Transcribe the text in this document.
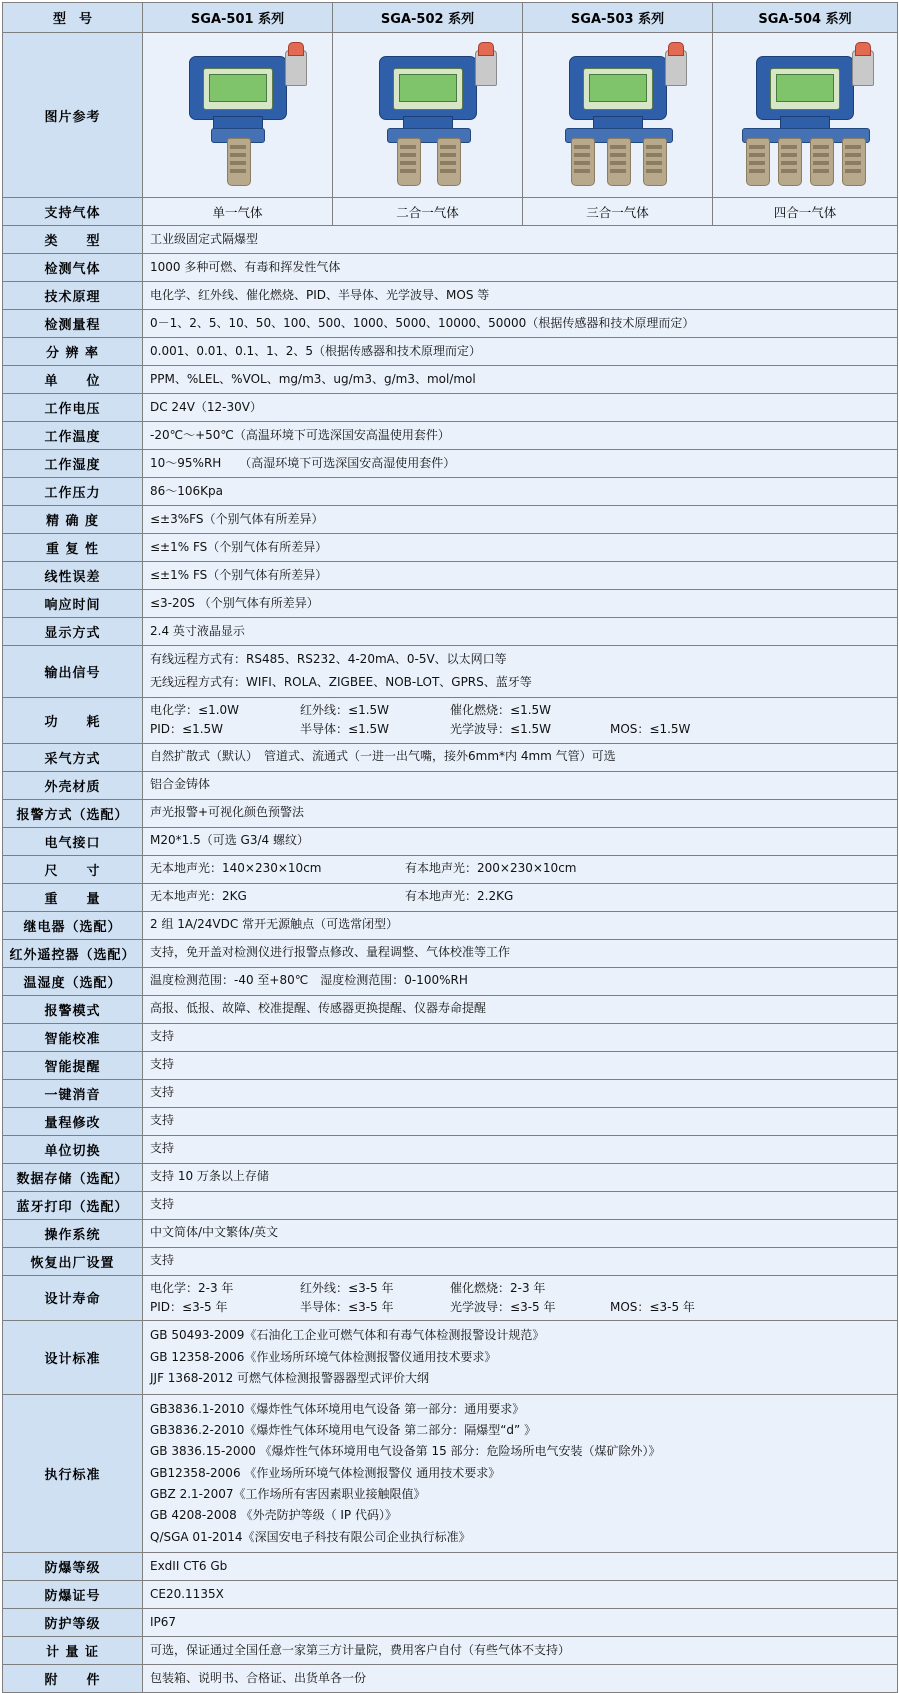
型　号	SGA-501 系列	SGA-502 系列	SGA-503 系列	SGA-504 系列
图片参考	

支持气体	单一气体	二合一气体	三合一气体	四合一气体
类　　型	工业级固定式隔爆型			
检测气体	1000 多种可燃、有毒和挥发性气体			
技术原理	电化学、红外线、催化燃烧、PID、半导体、光学波导、MOS 等			
检测量程	0－1、2、5、10、50、100、500、1000、5000、10000、50000（根据传感器和技术原理而定）			
分 辨 率	0.001、0.01、0.1、1、2、5（根据传感器和技术原理而定）			
单　　位	PPM、%LEL、%VOL、mg/m3、ug/m3、g/m3、mol/mol			
工作电压	DC 24V（12-30V）			
工作温度	-20℃～+50℃（高温环境下可选深国安高温使用套件）			
工作湿度	10～95%RH　　（高湿环境下可选深国安高湿使用套件）			
工作压力	86～106Kpa			
精 确 度	≤±3%FS（个别气体有所差异）			
重 复 性	≤±1% FS（个别气体有所差异）			
线性误差	≤±1% FS（个别气体有所差异）			
响应时间	≤3-20S （个别气体有所差异）			
显示方式	2.4 英寸液晶显示			
输出信号	有线远程方式有：RS485、RS232、4-20mA、0-5V、以太网口等
无线远程方式有：WIFI、ROLA、ZIGBEE、NOB-LOT、GPRS、蓝牙等			

功　　耗	
电化学：≤1.0W	红外线：≤1.5W	催化燃烧：≤1.5W
PID：≤1.5W	半导体：≤1.5W	光学波导：≤1.5W	MOS：≤1.5W

采气方式	自然扩散式（默认）　管道式、流通式（一进一出气嘴，接外6mm*内 4mm 气管）可选			
外壳材质	铝合金铸体			
报警方式（选配）	声光报警+可视化颜色预警法			
电气接口	M20*1.5（可选 G3/4 螺纹）			
尺　　寸	无本地声光：140×230×10cm 有本地声光：200×230×10cm			

重　　量	无本地声光：2KG 有本地声光：2.2KG			

继电器（选配）	2 组 1A/24VDC 常开无源触点（可选常闭型）			
红外遥控器（选配）	支持，免开盖对检测仪进行报警点修改、量程调整、气体校准等工作			
温湿度（选配）	温度检测范围：-40 至+80℃　湿度检测范围：0-100%RH			
报警模式	高报、低报、故障、校准提醒、传感器更换提醒、仪器寿命提醒			
智能校准	支持			
智能提醒	支持			
一键消音	支持			
量程修改	支持			
单位切换	支持			
数据存储（选配）	支持 10 万条以上存储			
蓝牙打印（选配）	支持			
操作系统	中文简体/中文繁体/英文			
恢复出厂设置	支持			
设计寿命	
电化学：2-3 年	红外线：≤3-5 年	催化燃烧：2-3 年
PID：≤3-5 年	半导体：≤3-5 年	光学波导：≤3-5 年	MOS：≤3-5 年

设计标准	GB 50493-2009《石油化工企业可燃气体和有毒气体检测报警设计规范》
GB 12358-2006《作业场所环境气体检测报警仪通用技术要求》
JJF 1368-2012 可燃气体检测报警器器型式评价大纲			

执行标准	
GB3836.1-2010《爆炸性气体环境用电气设备 第一部分：通用要求》
GB3836.2-2010《爆炸性气体环境用电气设备 第二部分：隔爆型“d” 》
GB 3836.15-2000 《爆炸性气体环境用电气设备第 15 部分：危险场所电气安装（煤矿除外）》
GB12358-2006 《作业场所环境气体检测报警仪 通用技术要求》
GBZ 2.1-2007《工作场所有害因素职业接触限值》
GB 4208-2008 《外壳防护等级（ IP 代码）》
Q/SGA 01-2014《深国安电子科技有限公司企业执行标准》

防爆等级	ExdII CT6 Gb			
防爆证号	CE20.1135X			
防护等级	IP67			
计 量 证	可选，保证通过全国任意一家第三方计量院，费用客户自付（有些气体不支持）			
附　　件	包装箱、说明书、合格证、出货单各一份			
